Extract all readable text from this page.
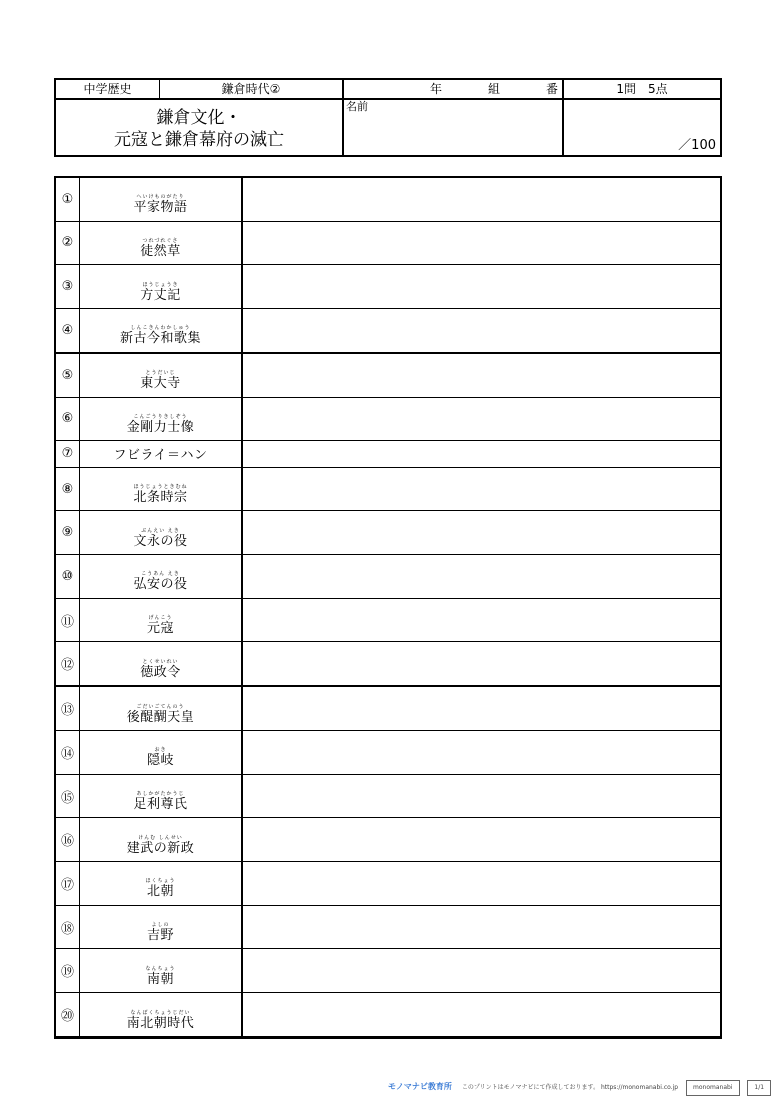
中学歴史	鎌倉時代②	年	組	番	1問　5点
鎌倉文化・
元寇と鎌倉幕府の滅亡
名前
／100
①	へいけものがたり
平家物語	

②	つれづれぐさ
徒然草	

③	ほうじょうき
方丈記	

④	しんこきんわかしゅう
新古今和歌集	

⑤	とうだいじ
東大寺	

⑥	こんごうりきしぞう
金剛力士像	

⑦	フビライ＝ハン	

⑧	ほうじょうときむね
北条時宗	

⑨	ぶんえい えき
文永の役	

⑩	こうあん えき
弘安の役	

⑪	げんこう
元寇	

⑫	とくせいれい
徳政令	

⑬	ごだいごてんのう
後醍醐天皇	

⑭	おき
隠岐	

⑮	あしかがたかうじ
足利尊氏	

⑯	けんむ しんせい
建武の新政	

⑰	ほくちょう
北朝	

⑱	よしの
吉野	

⑲	なんちょう
南朝	

⑳	なんぼくちょうじだい
南北朝時代	

モノマナビ教育所 このプリントはモノマナビにて作成しております。 https://monomanabi.co.jp monomanabi	1/1
